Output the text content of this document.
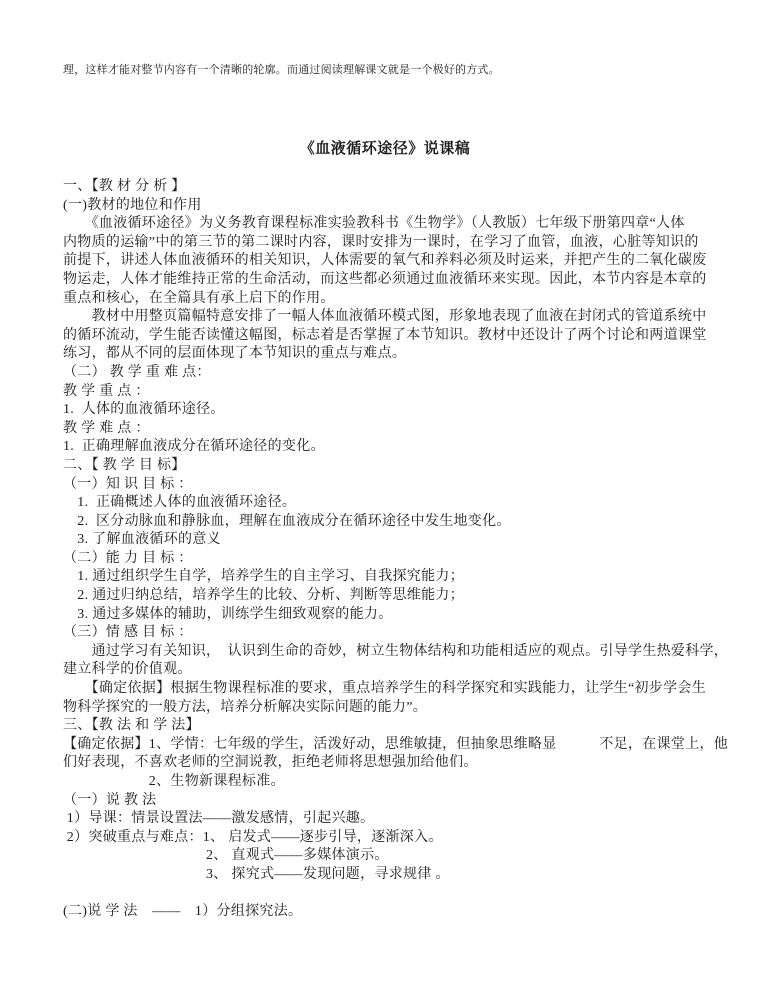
理，这样才能对整节内容有一个清晰的轮廓。而通过阅读理解课文就是一个极好的方式。
《血液循环途径》说课稿
一、【教 材 分 析 】
(一)教材的地位和作用
　　《血液循环途径》为义务教育课程标准实验教科书《生物学》（人教版）七年级下册第四章“人体
内物质的运输”中的第三节的第二课时内容，课时安排为一课时，在学习了血管，血液，心脏等知识的
前提下，讲述人体血液循环的相关知识，人体需要的氧气和养料必须及时运来，并把产生的二氧化碳废
物运走，人体才能维持正常的生命活动，而这些都必须通过血液循环来实现。因此，本节内容是本章的
重点和核心，在全篇具有承上启下的作用。
　　教材中用整页篇幅特意安排了一幅人体血液循环模式图，形象地表现了血液在封闭式的管道系统中
的循环流动，学生能否读懂这幅图，标志着是否掌握了本节知识。教材中还设计了两个讨论和两道课堂
练习，都从不同的层面体现了本节知识的重点与难点。
（二） 教 学 重 难 点：
教 学 重 点 ：
1.  人体的血液循环途径。
教 学 难 点 ：
1.  正确理解血液成分在循环途径的变化。
二、【 教 学 目 标】
（一）知 识 目 标 ：
　1.  正确概述人体的血液循环途径。
　2.  区分动脉血和静脉血，理解在血液成分在循环途径中发生地变化。
　3. 了解血液循环的意义
（二）能 力 目 标 ：
　1. 通过组织学生自学，培养学生的自主学习、自我探究能力；
　2. 通过归纳总结，培养学生的比较、分析、判断等思维能力；
　3. 通过多媒体的辅助，训练学生细致观察的能力。
（三）情 感 目 标 ：
　　通过学习有关知识，　认识到生命的奇妙，树立生物体结构和功能相适应的观点。引导学生热爱科学，
建立科学的价值观。
　　【确定依据】根据生物课程标准的要求，重点培养学生的科学探究和实践能力，让学生“初步学会生
物科学探究的一般方法，培养分析解决实际问题的能力”。
三、【教 法 和 学 法】
【确定依据】1、学情：七年级的学生，活泼好动，思维敏捷，但抽象思维略显　　　不足，在课堂上，他
们好表现，不喜欢老师的空洞说教，拒绝老师将思想强加给他们。
　　　　　　2、生物新课程标准。
（一）说 教 法
1）导课：情景设置法——激发感情，引起兴趣。
2）突破重点与难点：1、 启发式——逐步引导，逐渐深入。
　　　　　　　　　　2、 直观式——多媒体演示。
　　　　　　　　　　3、 探究式——发现问题，寻求规律 。
(二)说 学 法　——　1）分组探究法。
